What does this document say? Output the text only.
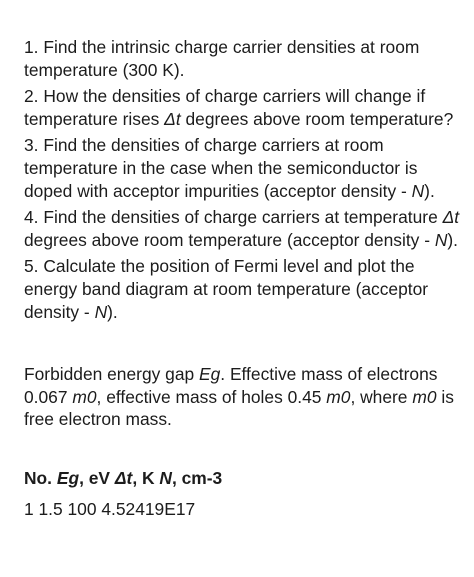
1. Find the intrinsic charge carrier densities at room temperature (300 K).

2. How the densities of charge carriers will change if temperature rises Δt degrees above room temperature?

3. Find the densities of charge carriers at room temperature in the case when the semiconductor is doped with acceptor impurities (acceptor density - N).

4. Find the densities of charge carriers at temperature Δt degrees above room temperature (acceptor density - N).

5. Calculate the position of Fermi level and plot the energy band diagram at room temperature (acceptor density - N).

Forbidden energy gap Eg. Effective mass of electrons 0.067 m0, effective mass of holes 0.45 m0, where m0 is free electron mass.

No. Eg, eV Δt, K N, cm-3
1 1.5 100 4.52419E17
